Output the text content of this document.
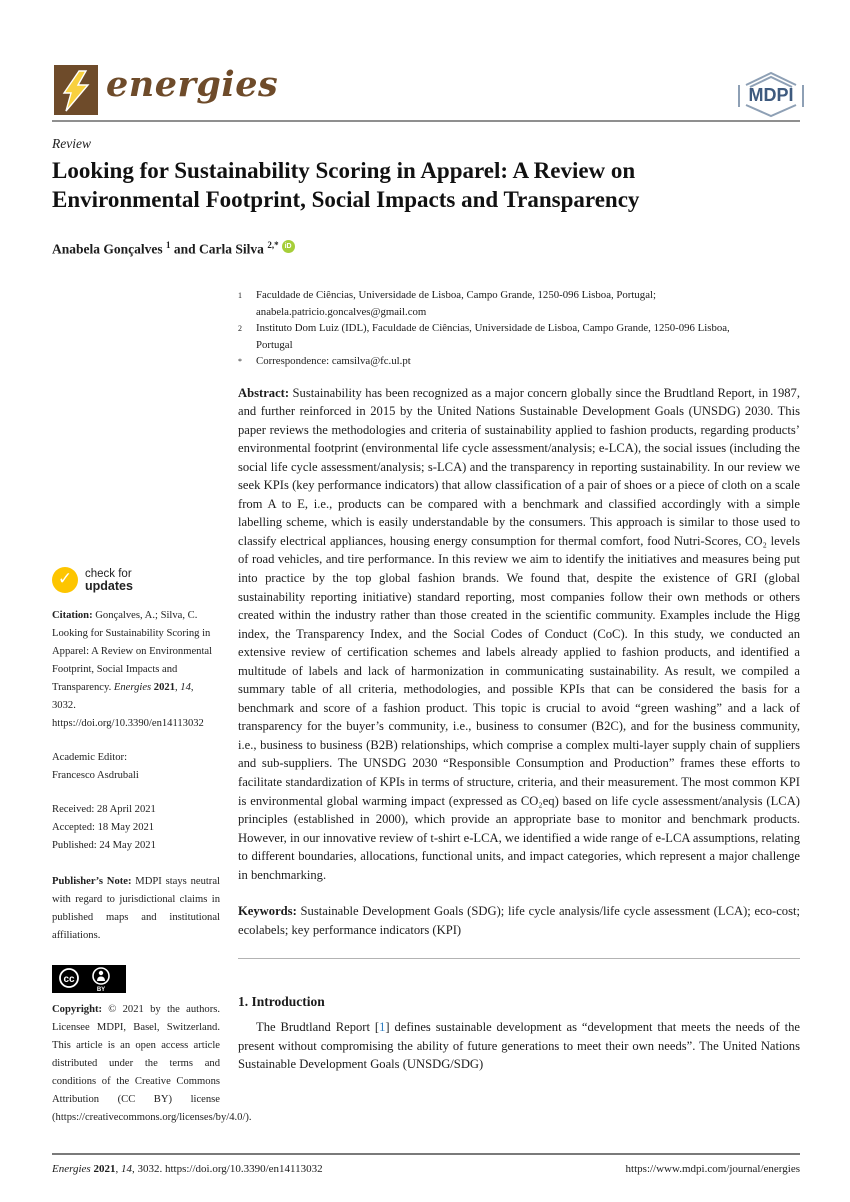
energies	MDPI
Review
Looking for Sustainability Scoring in Apparel: A Review on Environmental Footprint, Social Impacts and Transparency
Anabela Gonçalves $^1$ and Carla Silva $^{2,*}$ iD
1	Faculdade de Ciências, Universidade de Lisboa, Campo Grande, 1250-096 Lisboa, Portugal; anabela.patricio.goncalves@gmail.com
2	Instituto Dom Luiz (IDL), Faculdade de Ciências, Universidade de Lisboa, Campo Grande, 1250-096 Lisboa, Portugal
*	Correspondence: camsilva@fc.ul.pt
Abstract: Sustainability has been recognized as a major concern globally since the Brudtland Report, in 1987, and further reinforced in 2015 by the United Nations Sustainable Development Goals (UNSDG) 2030. This paper reviews the methodologies and criteria of sustainability applied to fashion products, regarding products’ environmental footprint (environmental life cycle assessment/analysis; e-LCA), the social issues (including the social life cycle assessment/analysis; s-LCA) and the transparency in reporting sustainability. In our review we seek KPIs (key performance indicators) that allow classification of a pair of shoes or a piece of cloth on a scale from A to E, i.e., products can be compared with a benchmark and classified accordingly with a simple labelling scheme, which is easily understandable by the consumers. This approach is similar to those used to classify electrical appliances, housing energy consumption for thermal comfort, food Nutri-Scores, CO₂ levels of road vehicles, and tire performance. In this review we aim to identify the initiatives and measures being put into practice by the top global fashion brands. We found that, despite the existence of GRI (global sustainability reporting initiative) standard reporting, most companies follow their own methods or others created within the industry rather than those created in the scientific community. Examples include the Higg index, the Transparency Index, and the Social Codes of Conduct (CoC). In this study, we conducted an extensive review of certification schemes and labels already applied to fashion products, and identified a multitude of labels and lack of harmonization in communicating sustainability. As result, we compiled a summary table of all criteria, methodologies, and possible KPIs that can be considered the basis for a benchmark and score of a fashion product. This topic is crucial to avoid “green washing” and a lack of transparency for the buyer’s community, i.e., business to consumer (B2C), and for the business community, i.e., business to business (B2B) relationships, which comprise a complex multi-layer supply chain of suppliers and sub-suppliers. The UNSDG 2030 “Responsible Consumption and Production” frames these efforts to facilitate standardization of KPIs in terms of structure, criteria, and their measurement. The most common KPI is environmental global warming impact (expressed as CO₂eq) based on life cycle assessment/analysis (LCA) principles (established in 2000), which provide an appropriate base to monitor and benchmark products. However, in our innovative review of t-shirt e-LCA, we identified a wide range of e-LCA assumptions, relating to different boundaries, allocations, functional units, and impact categories, which represent a major challenge in benchmarking.
Keywords: Sustainable Development Goals (SDG); life cycle analysis/life cycle assessment (LCA); eco-cost; ecolabels; key performance indicators (KPI)
1. Introduction
The Brudtland Report [1] defines sustainable development as “development that meets the needs of the present without compromising the ability of future generations to meet their own needs”. The United Nations Sustainable Development Goals (UNSDG/SDG)
✓	check for
updates
Citation: Gonçalves, A.; Silva, C. Looking for Sustainability Scoring in Apparel: A Review on Environmental Footprint, Social Impacts and Transparency. Energies 2021, 14, 3032. https://doi.org/10.3390/en14113032
Academic Editor:
Francesco Asdrubali
Received: 28 April 2021
Accepted: 18 May 2021
Published: 24 May 2021
Publisher’s Note: MDPI stays neutral with regard to jurisdictional claims in published maps and institutional affiliations.
cc
BY
Copyright: © 2021 by the authors. Licensee MDPI, Basel, Switzerland. This article is an open access article distributed under the terms and conditions of the Creative Commons Attribution (CC BY) license (https://creativecommons.org/licenses/by/4.0/).
Energies 2021, 14, 3032. https://doi.org/10.3390/en14113032	https://www.mdpi.com/journal/energies
